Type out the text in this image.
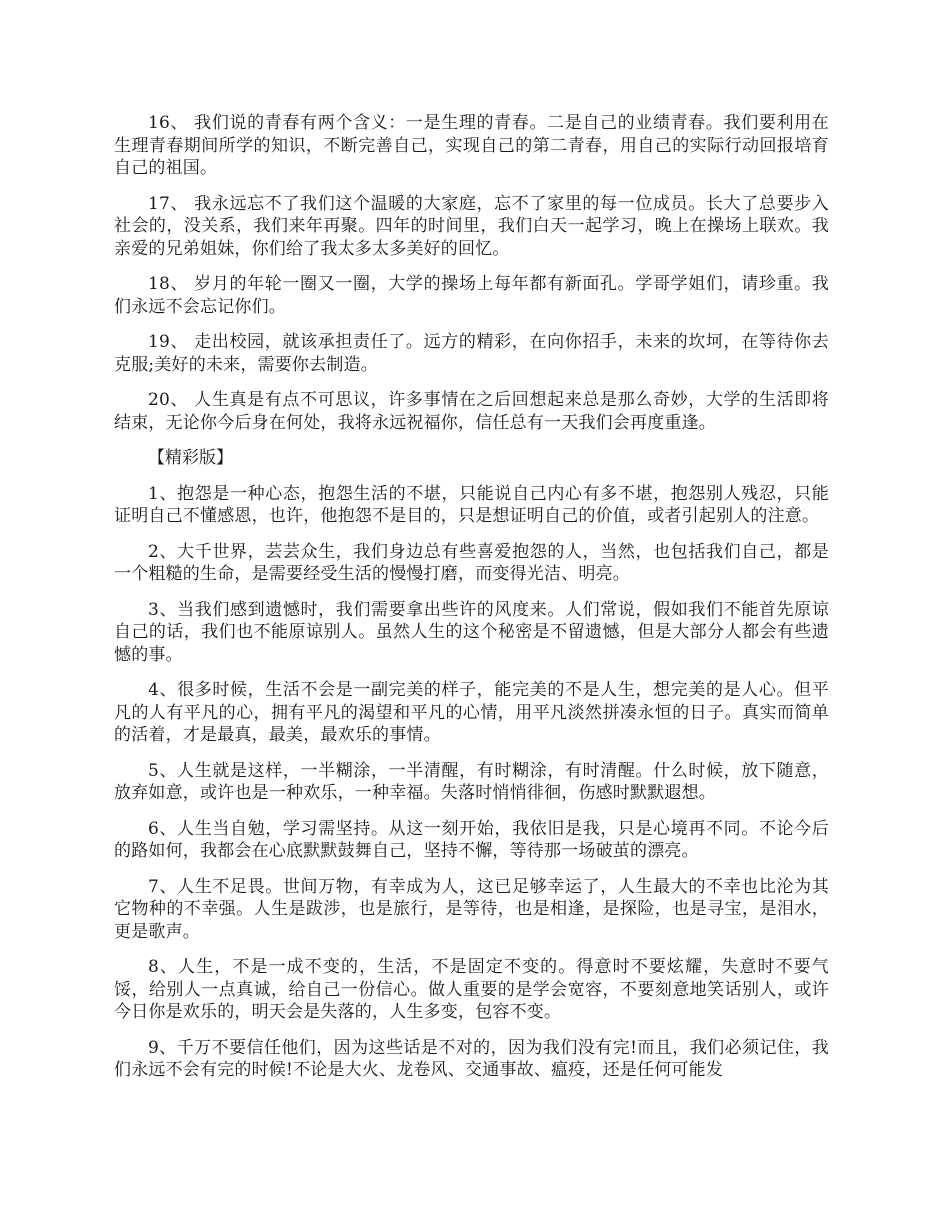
16、 我们说的青春有两个含义：一是生理的青春。二是自己的业绩青春。我们要利用在生理青春期间所学的知识，不断完善自己，实现自己的第二青春，用自己的实际行动回报培育自己的祖国。

17、 我永远忘不了我们这个温暖的大家庭，忘不了家里的每一位成员。长大了总要步入社会的，没关系，我们来年再聚。四年的时间里，我们白天一起学习，晚上在操场上联欢。我亲爱的兄弟姐妹，你们给了我太多太多美好的回忆。

18、 岁月的年轮一圈又一圈，大学的操场上每年都有新面孔。学哥学姐们，请珍重。我们永远不会忘记你们。

19、 走出校园，就该承担责任了。远方的精彩，在向你招手，未来的坎坷，在等待你去克服;美好的未来，需要你去制造。

20、 人生真是有点不可思议，许多事情在之后回想起来总是那么奇妙，大学的生活即将结束，无论你今后身在何处，我将永远祝福你，信任总有一天我们会再度重逢。

【精彩版】

1、抱怨是一种心态，抱怨生活的不堪，只能说自己内心有多不堪，抱怨别人残忍，只能证明自己不懂感恩，也许，他抱怨不是目的，只是想证明自己的价值，或者引起别人的注意。

2、大千世界，芸芸众生，我们身边总有些喜爱抱怨的人，当然，也包括我们自己，都是一个粗糙的生命，是需要经受生活的慢慢打磨，而变得光洁、明亮。

3、当我们感到遗憾时，我们需要拿出些许的风度来。人们常说，假如我们不能首先原谅自己的话，我们也不能原谅别人。虽然人生的这个秘密是不留遗憾，但是大部分人都会有些遗憾的事。

4、很多时候，生活不会是一副完美的样子，能完美的不是人生，想完美的是人心。但平凡的人有平凡的心，拥有平凡的渴望和平凡的心情，用平凡淡然拼凑永恒的日子。真实而简单的活着，才是最真，最美，最欢乐的事情。

5、人生就是这样，一半糊涂，一半清醒，有时糊涂，有时清醒。什么时候，放下随意，放弃如意，或许也是一种欢乐，一种幸福。失落时悄悄徘徊，伤感时默默遐想。

6、人生当自勉，学习需坚持。从这一刻开始，我依旧是我，只是心境再不同。不论今后的路如何，我都会在心底默默鼓舞自己，坚持不懈，等待那一场破茧的漂亮。

7、人生不足畏。世间万物，有幸成为人，这已足够幸运了，人生最大的不幸也比沦为其它物种的不幸强。人生是跋涉，也是旅行，是等待，也是相逢，是探险，也是寻宝，是泪水，更是歌声。

8、人生，不是一成不变的，生活，不是固定不变的。得意时不要炫耀，失意时不要气馁，给别人一点真诚，给自己一份信心。做人重要的是学会宽容，不要刻意地笑话别人，或许今日你是欢乐的，明天会是失落的，人生多变，包容不变。

9、千万不要信任他们，因为这些话是不对的，因为我们没有完!而且，我们必须记住，我们永远不会有完的时候!不论是大火、龙卷风、交通事故、瘟疫，还是任何可能发
